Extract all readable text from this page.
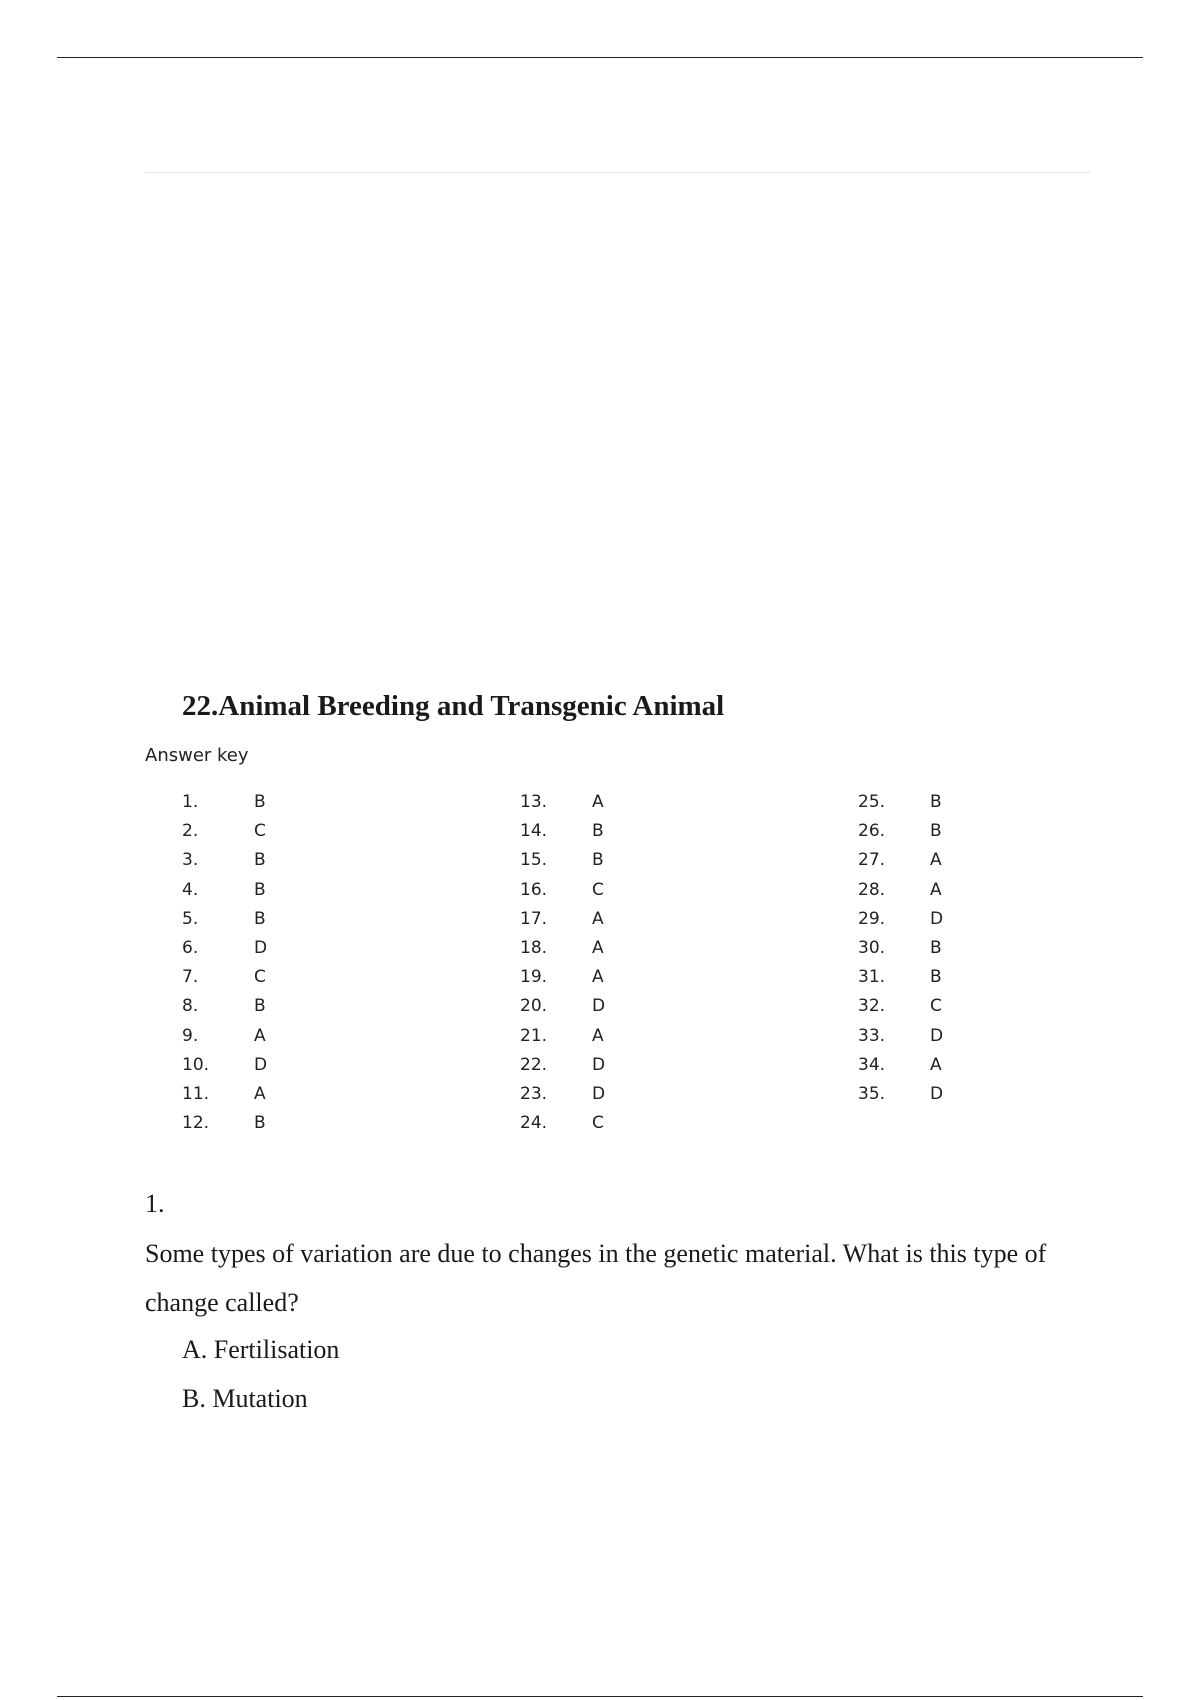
22.Animal Breeding and Transgenic Animal
Answer key
1.	B
2.	C
3.	B
4.	B
5.	B
6.	D
7.	C
8.	B
9.	A
10.	D
11.	A
12.	B
13.	A
14.	B
15.	B
16.	C
17.	A
18.	A
19.	A
20.	D
21.	A
22.	D
23.	D
24.	C
25.	B
26.	B
27.	A
28.	A
29.	D
30.	B
31.	B
32.	C
33.	D
34.	A
35.	D
1.
Some types of variation are due to changes in the genetic material. What is this type of change called?
A. Fertilisation
B. Mutation
